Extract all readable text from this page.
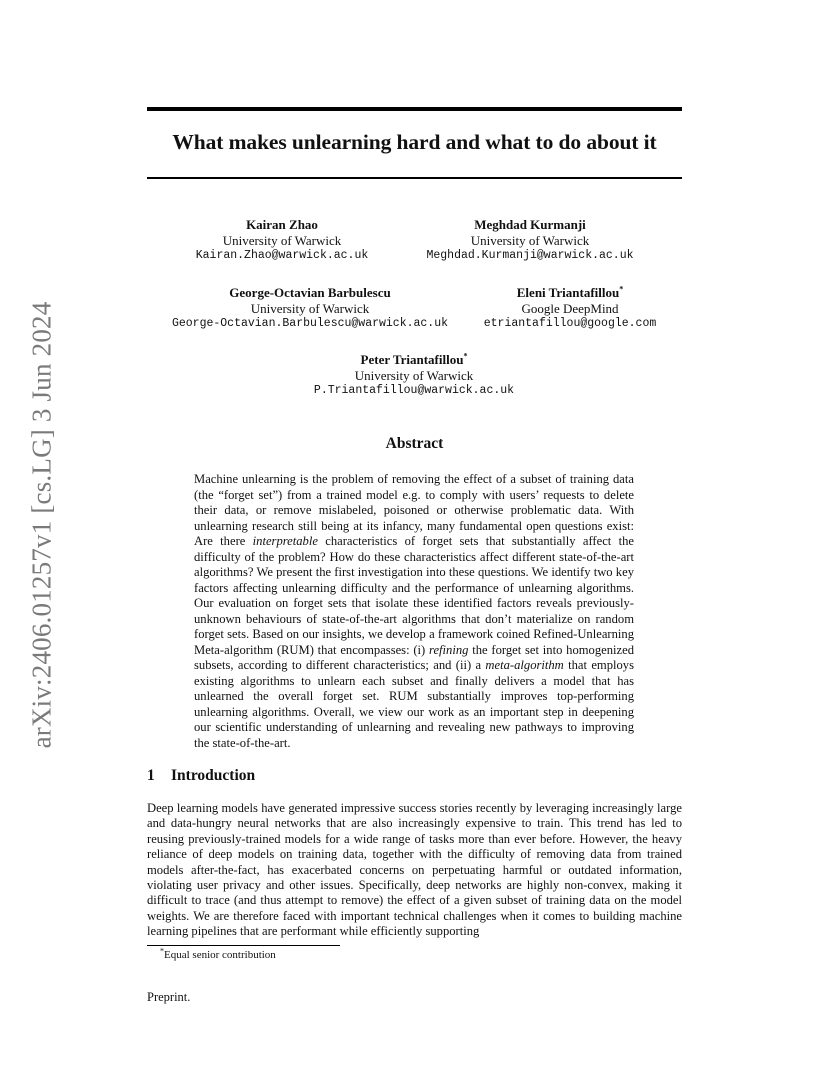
arXiv:2406.01257v1 [cs.LG] 3 Jun 2024
What makes unlearning hard and what to do about it
Kairan Zhao
University of Warwick
Kairan.Zhao@warwick.ac.uk
Meghdad Kurmanji
University of Warwick
Meghdad.Kurmanji@warwick.ac.uk
George-Octavian Barbulescu
University of Warwick
George-Octavian.Barbulescu@warwick.ac.uk
Eleni Triantafillou*
Google DeepMind
etriantafillou@google.com
Peter Triantafillou*
University of Warwick
P.Triantafillou@warwick.ac.uk
Abstract
Machine unlearning is the problem of removing the effect of a subset of training data (the “forget set”) from a trained model e.g. to comply with users’ requests to delete their data, or remove mislabeled, poisoned or otherwise problematic data. With unlearning research still being at its infancy, many fundamental open questions exist: Are there interpretable characteristics of forget sets that substantially affect the difficulty of the problem? How do these characteristics affect different state-of-the-art algorithms? We present the first investigation into these questions. We identify two key factors affecting unlearning difficulty and the performance of unlearning algorithms. Our evaluation on forget sets that isolate these identified factors reveals previously-unknown behaviours of state-of-the-art algorithms that don’t materialize on random forget sets. Based on our insights, we develop a framework coined Refined-Unlearning Meta-algorithm (RUM) that encompasses: (i) refining the forget set into homogenized subsets, according to different characteristics; and (ii) a meta-algorithm that employs existing algorithms to unlearn each subset and finally delivers a model that has unlearned the overall forget set. RUM substantially improves top-performing unlearning algorithms. Overall, we view our work as an important step in deepening our scientific understanding of unlearning and revealing new pathways to improving the state-of-the-art.
1 Introduction
Deep learning models have generated impressive success stories recently by leveraging increasingly large and data-hungry neural networks that are also increasingly expensive to train. This trend has led to reusing previously-trained models for a wide range of tasks more than ever before. However, the heavy reliance of deep models on training data, together with the difficulty of removing data from trained models after-the-fact, has exacerbated concerns on perpetuating harmful or outdated information, violating user privacy and other issues. Specifically, deep networks are highly non-convex, making it difficult to trace (and thus attempt to remove) the effect of a given subset of training data on the model weights. We are therefore faced with important technical challenges when it comes to building machine learning pipelines that are performant while efficiently supporting
*Equal senior contribution
Preprint.
